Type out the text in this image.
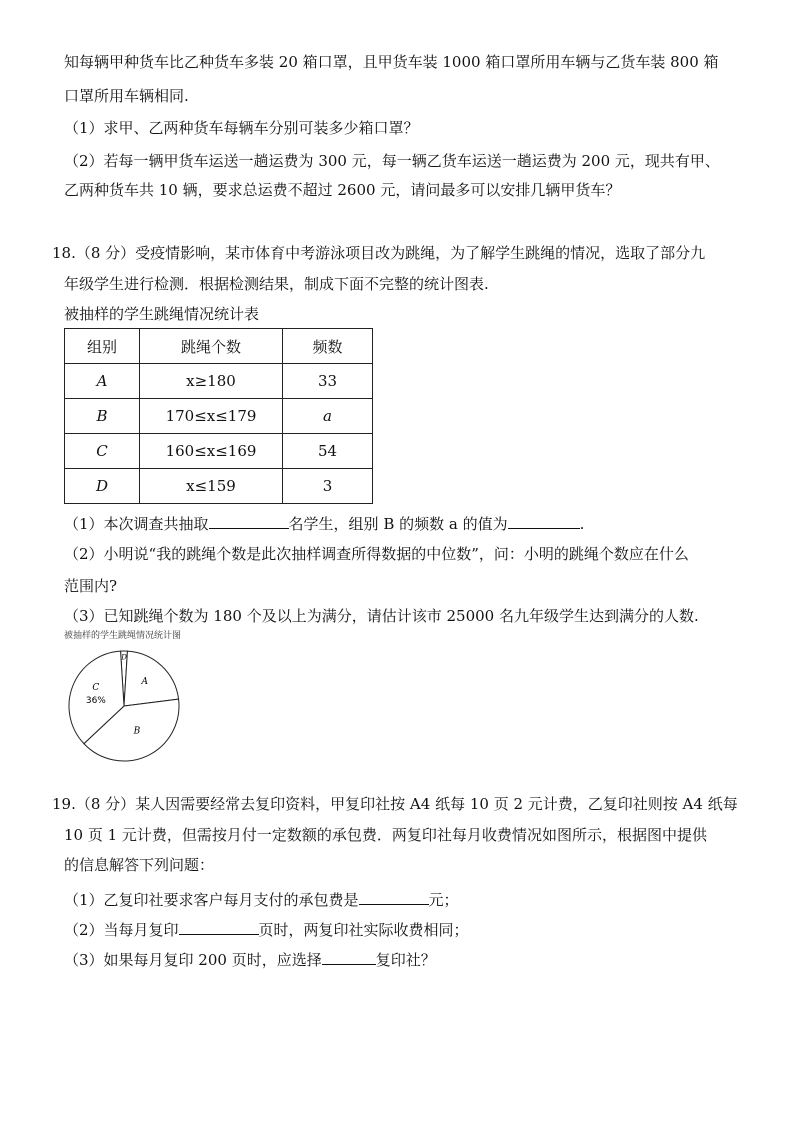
知每辆甲种货车比乙种货车多装 20 箱口罩，且甲货车装 1000 箱口罩所用车辆与乙货车装 800 箱
口罩所用车辆相同.
（1）求甲、乙两种货车每辆车分别可装多少箱口罩？
（2）若每一辆甲货车运送一趟运费为 300 元，每一辆乙货车运送一趟运费为 200 元，现共有甲、
乙两种货车共 10 辆，要求总运费不超过 2600 元，请问最多可以安排几辆甲货车？
18.（8 分）受疫情影响，某市体育中考游泳项目改为跳绳，为了解学生跳绳的情况，选取了部分九
年级学生进行检测．根据检测结果，制成下面不完整的统计图表.
被抽样的学生跳绳情况统计表
组别	跳绳个数	频数
A	x≥180	33
B	170≤x≤179	a
C	160≤x≤169	54
D	x≤159	3
（1）本次调查共抽取	名学生，组别 B 的频数 a 的值为	.
（2）小明说“我的跳绳个数是此次抽样调查所得数据的中位数”，问：小明的跳绳个数应在什么
范围内?
（3）已知跳绳个数为 180 个及以上为满分，请估计该市 25000 名九年级学生达到满分的人数.
被抽样的学生跳绳情况统计图
D
A
B
C
36%
19.（8 分）某人因需要经常去复印资料，甲复印社按 A4 纸每 10 页 2 元计费，乙复印社则按 A4 纸每
10 页 1 元计费，但需按月付一定数额的承包费．两复印社每月收费情况如图所示，根据图中提供
的信息解答下列问题：
（1）乙复印社要求客户每月支付的承包费是	元；
（2）当每月复印	页时，两复印社实际收费相同；
（3）如果每月复印 200 页时，应选择	复印社？
